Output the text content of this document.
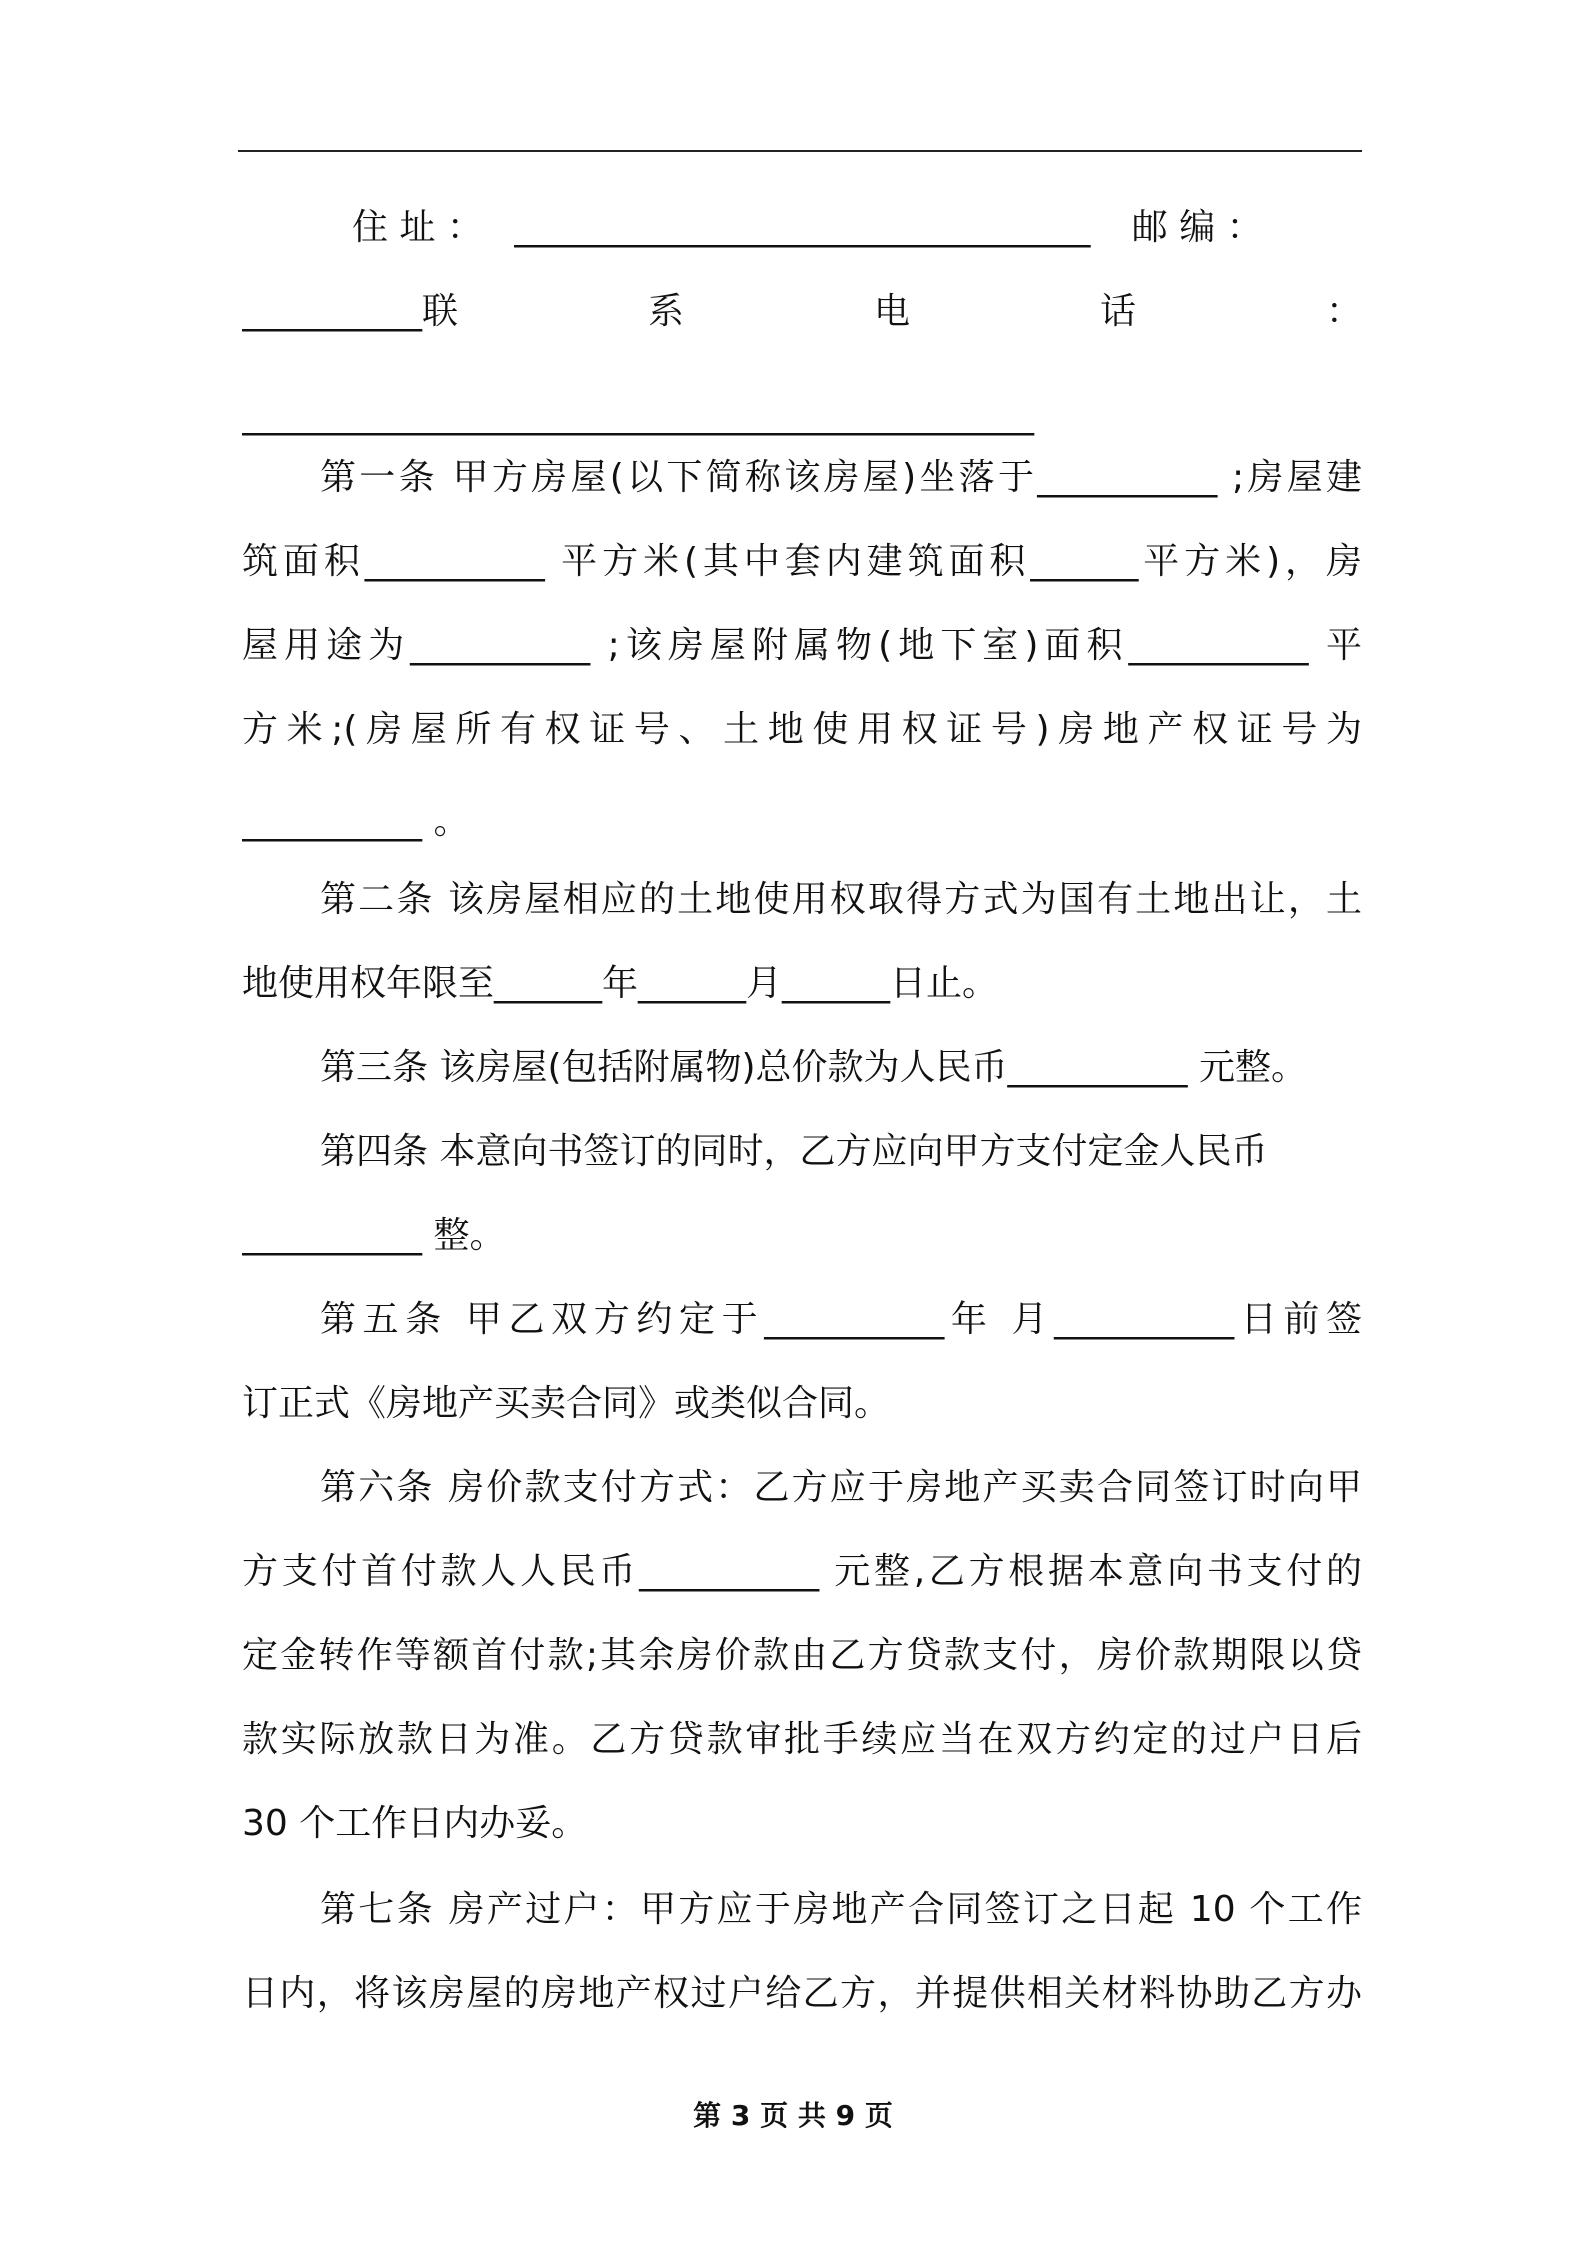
住 址 ： ________________________________ 邮 编 ：
__________联	系	电	话	：
____________________________________________
第一条 甲方房屋(以下简称该房屋)坐落于__________ ;房屋建
筑面积__________ 平方米(其中套内建筑面积______平方米)，房
屋用途为__________ ;该房屋附属物(地下室)面积__________ 平
方米;(房屋所有权证号、土地使用权证号)房地产权证号为
__________ 。
第二条 该房屋相应的土地使用权取得方式为国有土地出让，土
地使用权年限至______年______月______日止。
第三条 该房屋(包括附属物)总价款为人民币__________ 元整。
第四条 本意向书签订的同时，乙方应向甲方支付定金人民币
__________ 整。
第五条 甲乙双方约定于__________年 月__________日前签
订正式《房地产买卖合同》或类似合同。
第六条 房价款支付方式：乙方应于房地产买卖合同签订时向甲
方支付首付款人人民币__________ 元整,乙方根据本意向书支付的
定金转作等额首付款;其余房价款由乙方贷款支付，房价款期限以贷
款实际放款日为准。乙方贷款审批手续应当在双方约定的过户日后
30 个工作日内办妥。
第七条 房产过户：甲方应于房地产合同签订之日起 10 个工作
日内，将该房屋的房地产权过户给乙方，并提供相关材料协助乙方办
第 3 页 共 9 页
